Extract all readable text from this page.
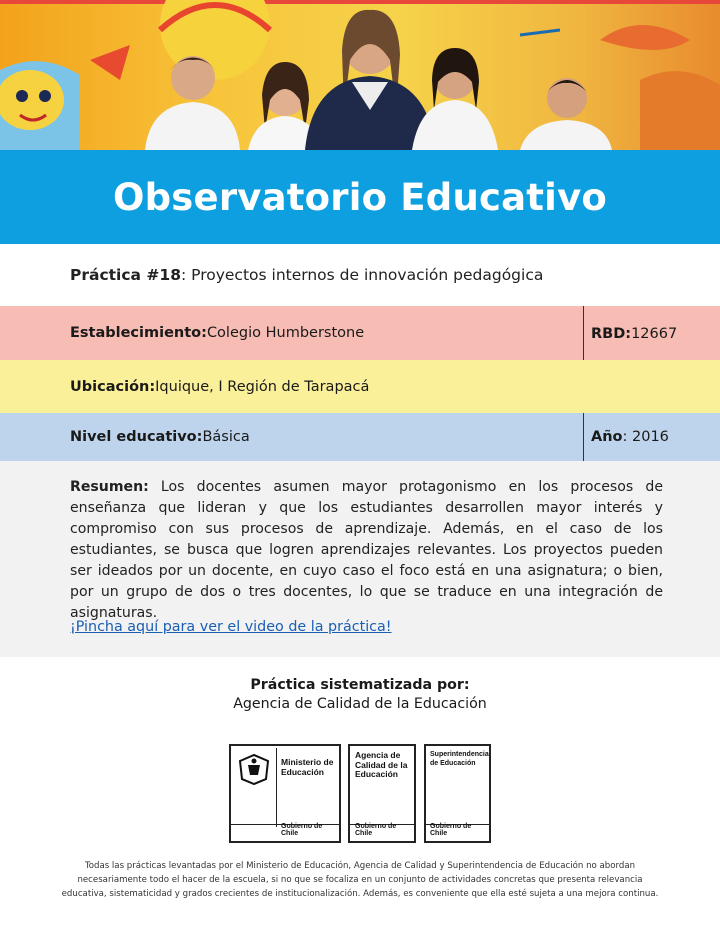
Observatorio Educativo
Práctica #18: Proyectos internos de innovación pedagógica
Establecimiento: Colegio Humberstone	RBD: 12667
Ubicación: Iquique, I Región de Tarapacá
Nivel educativo: Básica	Año : 2016

Resumen: Los docentes asumen mayor protagonismo en los procesos de enseñanza que lideran y que los estudiantes desarrollen mayor interés y compromiso con sus procesos de aprendizaje. Además, en el caso de los estudiantes, se busca que logren aprendizajes relevantes. Los proyectos pueden ser ideados por un docente, en cuyo caso el foco está en una asignatura; o bien, por un grupo de dos o tres docentes, lo que se traduce en una integración de asignaturas.

¡Pincha aquí para ver el video de la práctica!
Práctica sistematizada por:
Agencia de Calidad de la Educación
Ministerio de
Educación
Gobierno de Chile
Agencia de
Calidad de la
Educación
Gobierno de Chile
Superintendencia
de Educación
Gobierno de Chile
Todas las prácticas levantadas por el Ministerio de Educación, Agencia de Calidad y Superintendencia de Educación no abordan
necesariamente todo el hacer de la escuela, si no que se focaliza en un conjunto de actividades concretas que presenta relevancia
educativa, sistematicidad y grados crecientes de institucionalización. Además, es conveniente que ella esté sujeta a una mejora continua.
